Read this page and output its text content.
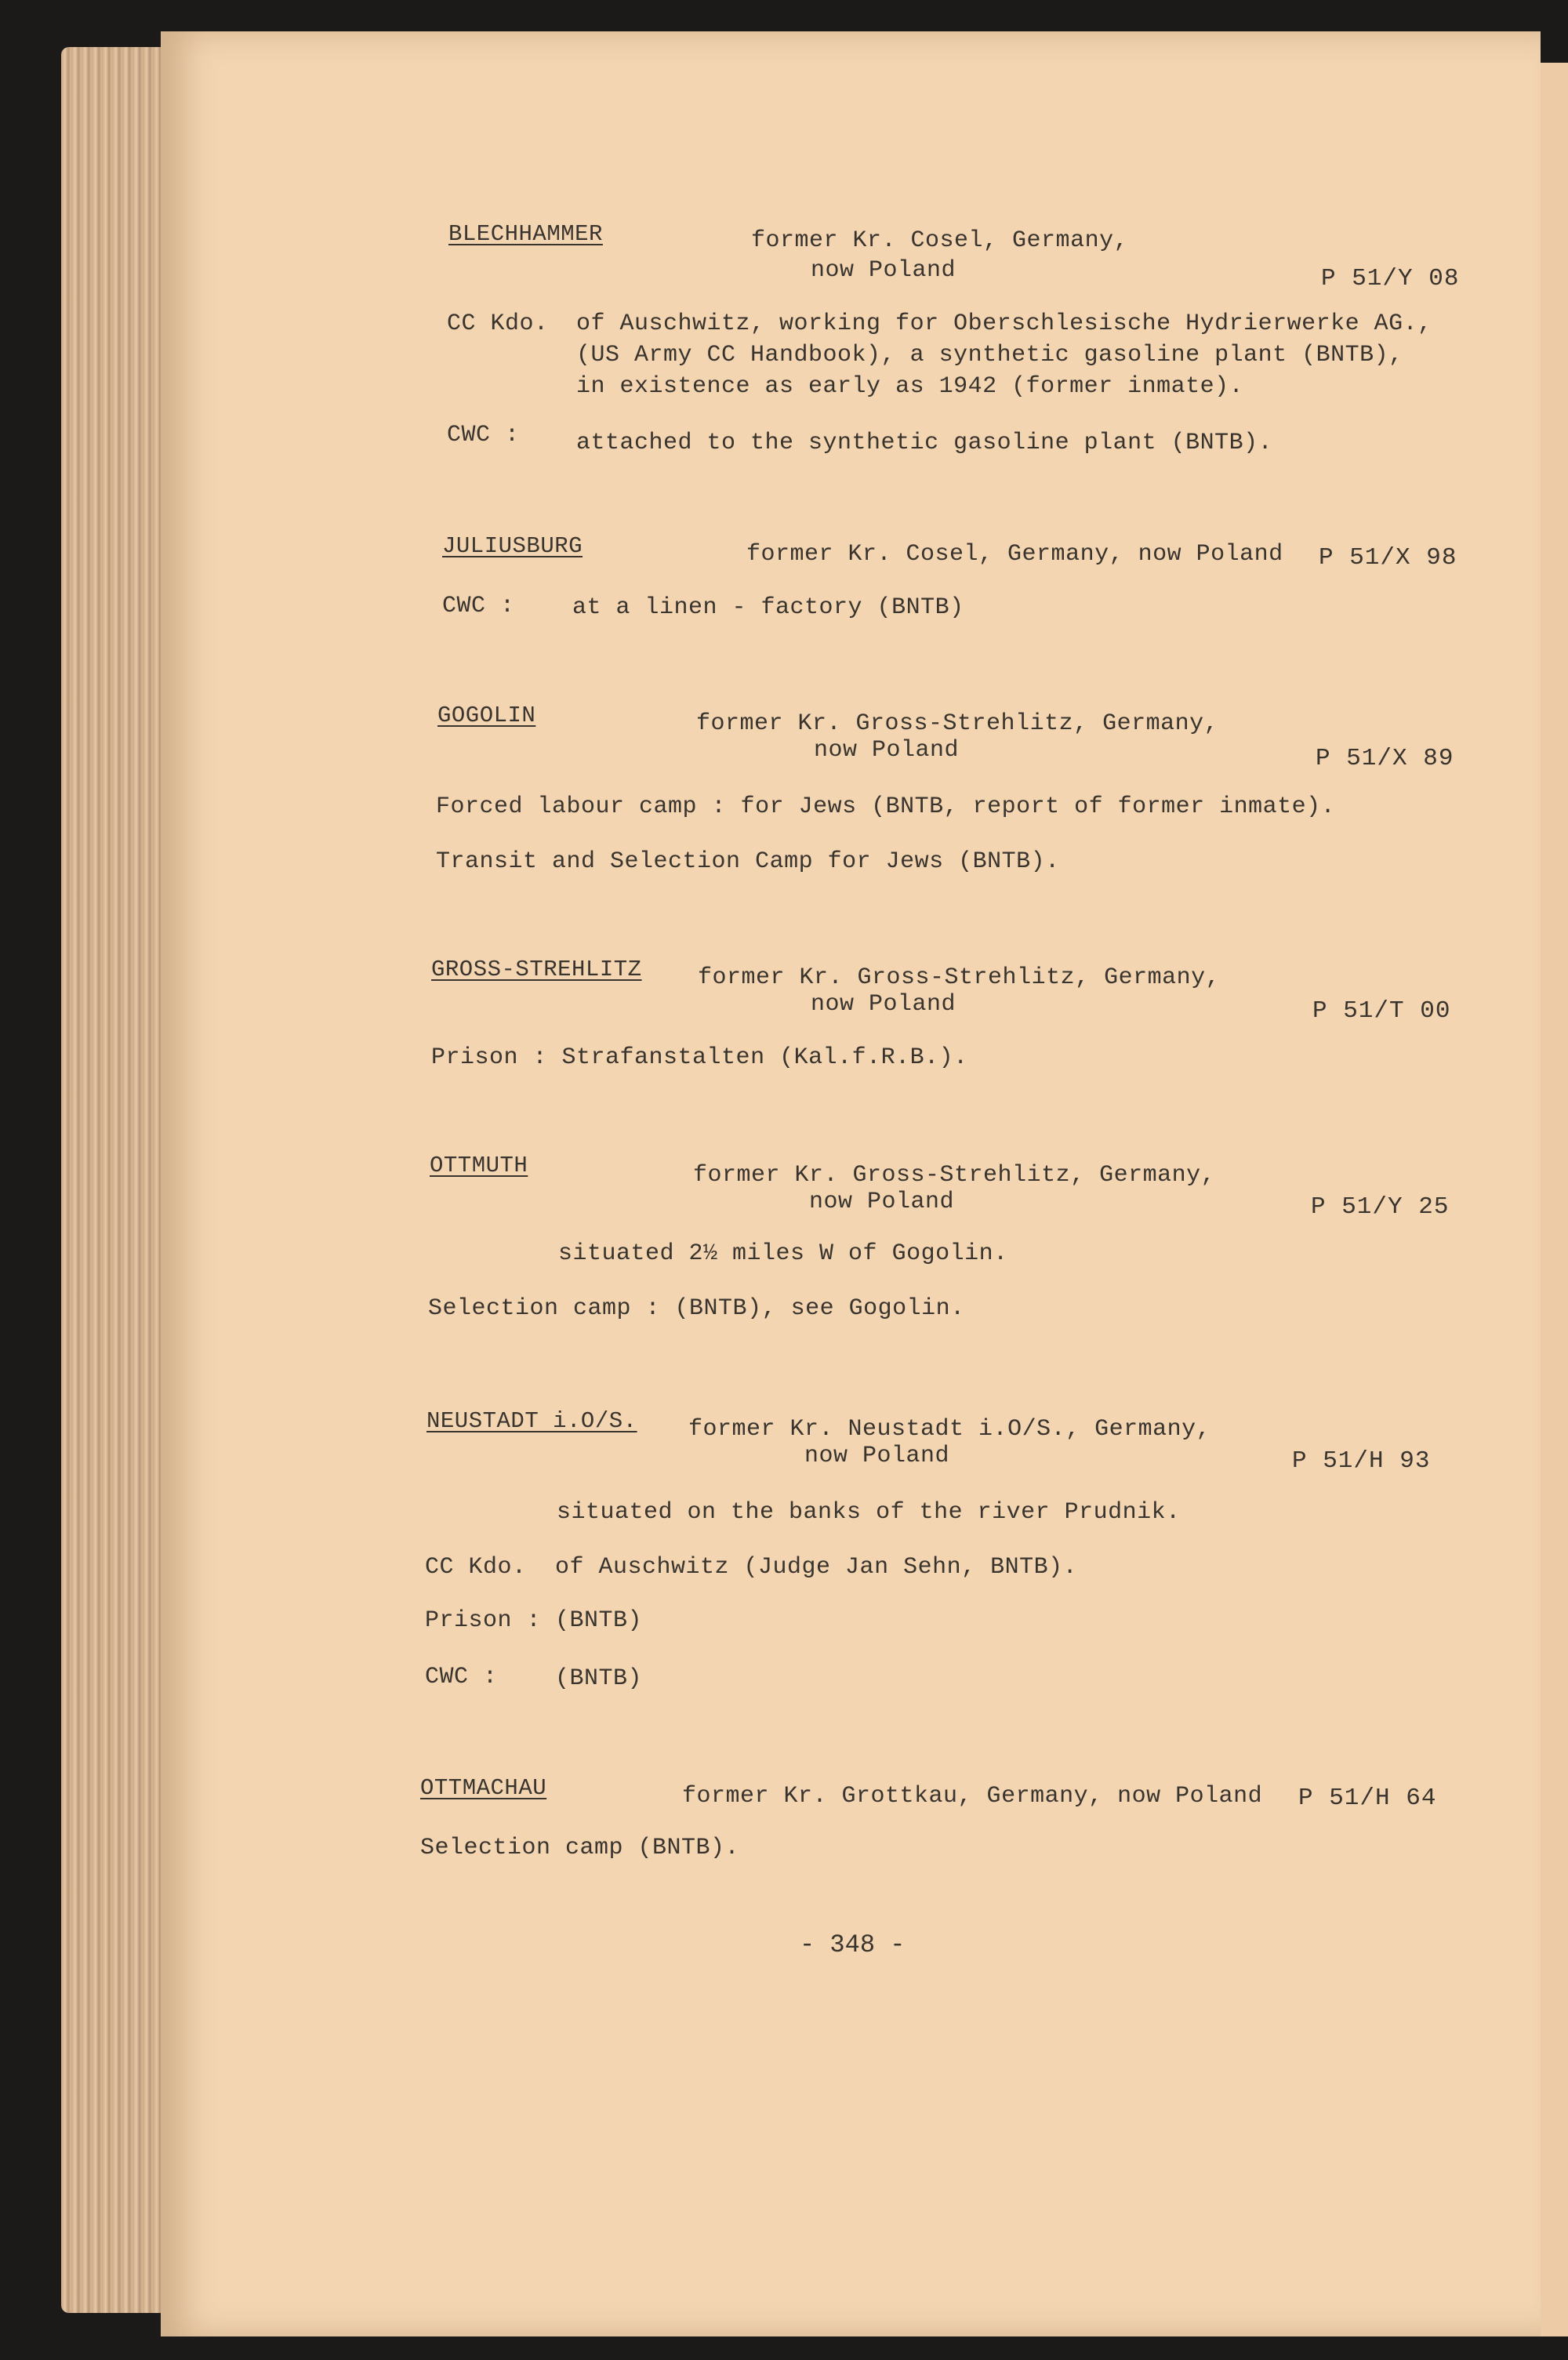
BLECHHAMMER	former Kr. Cosel, Germany,
now Poland	P 51/Y 08
CC Kdo. of Auschwitz, working for Oberschlesische Hydrierwerke AG.,
(US Army CC Handbook), a synthetic gasoline plant (BNTB),
in existence as early as 1942 (former inmate).
CWC : attached to the synthetic gasoline plant (BNTB).
JULIUSBURG	former Kr. Cosel, Germany, now Poland P 51/X 98
CWC : at a linen - factory (BNTB)
GOGOLIN	former Kr. Gross-Strehlitz, Germany,
now Poland	P 51/X 89
Forced labour camp : for Jews (BNTB, report of former inmate).
Transit and Selection Camp for Jews (BNTB).
GROSS-STREHLITZ former Kr. Gross-Strehlitz, Germany,
now Poland	P 51/T 00
Prison : Strafanstalten (Kal.f.R.B.).
OTTMUTH	former Kr. Gross-Strehlitz, Germany,
now Poland	P 51/Y 25
situated 2½ miles W of Gogolin.
Selection camp : (BNTB), see Gogolin.
NEUSTADT i.O/S. former Kr. Neustadt i.O/S., Germany,
now Poland	P 51/H 93
situated on the banks of the river Prudnik.
CC Kdo. of Auschwitz (Judge Jan Sehn, BNTB).
Prison : (BNTB)
CWC : (BNTB)
OTTMACHAU	former Kr. Grottkau, Germany, now Poland P 51/H 64
Selection camp (BNTB).
- 348 -
